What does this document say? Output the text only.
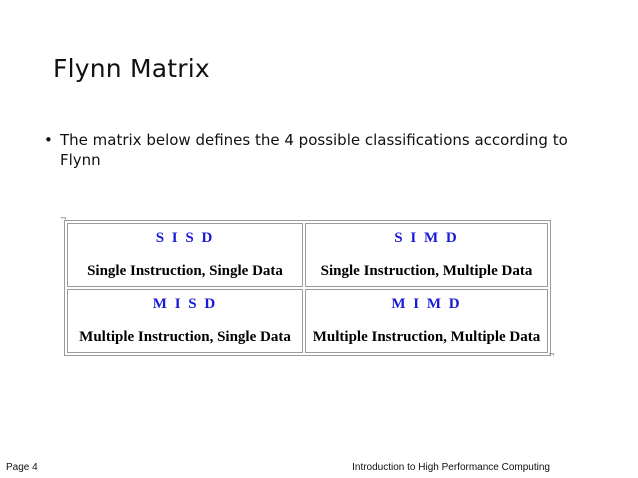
Flynn Matrix
• The matrix below defines the 4 possible classifications according to Flynn
¬
S I S D
Single Instruction, Single Data
S I M D
Single Instruction, Multiple Data
M I S D
Multiple Instruction, Single Data
M I M D
Multiple Instruction, Multiple Data
¬
Page 4	Introduction to High Performance Computing
